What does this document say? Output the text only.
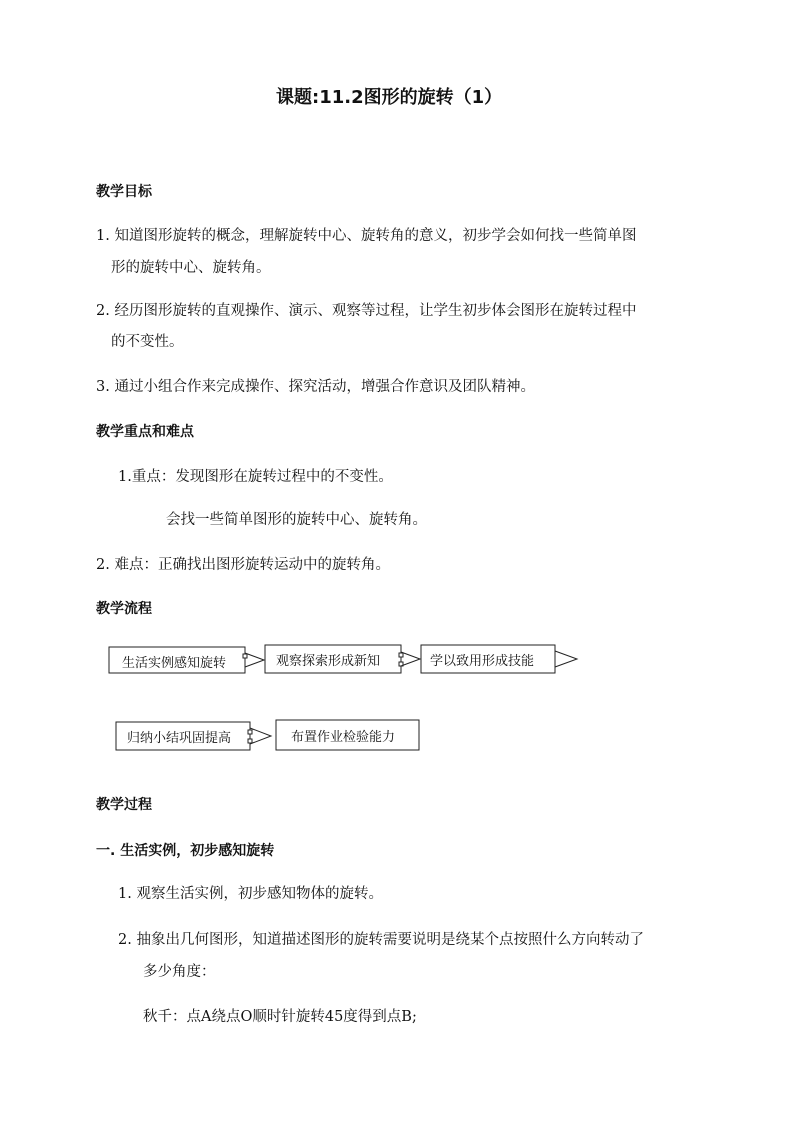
课题:11.2图形的旋转（1）
教学目标
1. 知道图形旋转的概念，理解旋转中心、旋转角的意义，初步学会如何找一些简单图
形的旋转中心、旋转角。
2. 经历图形旋转的直观操作、演示、观察等过程，让学生初步体会图形在旋转过程中
的不变性。
3. 通过小组合作来完成操作、探究活动，增强合作意识及团队精神。
教学重点和难点
1.重点：发现图形在旋转过程中的不变性。
会找一些简单图形的旋转中心、旋转角。
2. 难点：正确找出图形旋转运动中的旋转角。
教学流程
生活实例感知旋转	观察探索形成新知	学以致用形成技能
归纳小结巩固提高	布置作业检验能力
教学过程
一. 生活实例，初步感知旋转
1. 观察生活实例，初步感知物体的旋转。
2. 抽象出几何图形，知道描述图形的旋转需要说明是绕某个点按照什么方向转动了
多少角度：
秋千：点A绕点O顺时针旋转45度得到点B;
